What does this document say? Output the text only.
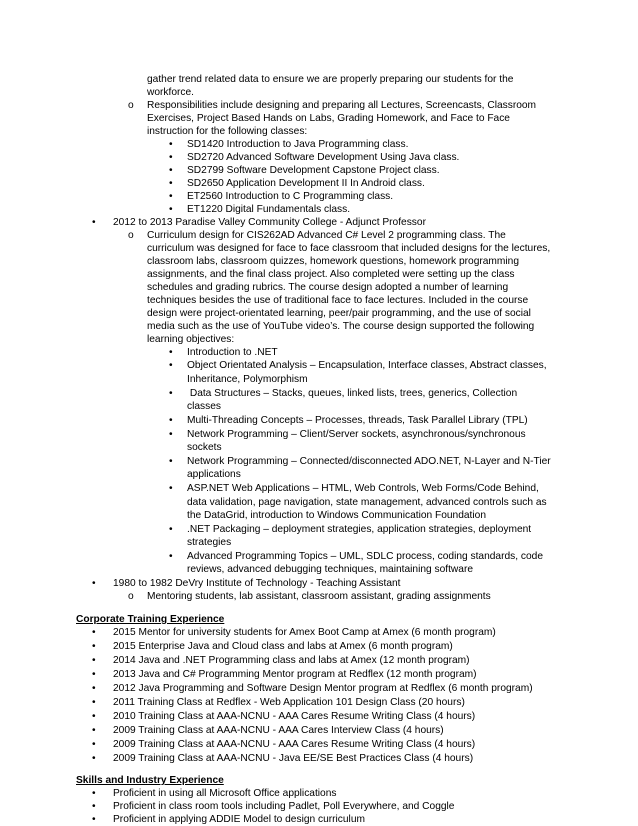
gather trend related data to ensure we are properly preparing our students for the
workforce.
o Responsibilities include designing and preparing all Lectures, Screencasts, Classroom
Exercises, Project Based Hands on Labs, Grading Homework, and Face to Face
instruction for the following classes:
• SD1420 Introduction to Java Programming class.
• SD2720 Advanced Software Development Using Java class.
• SD2799 Software Development Capstone Project class.
• SD2650 Application Development II In Android class.
• ET2560 Introduction to C Programming class.
• ET1220 Digital Fundamentals class.
• 2012 to 2013 Paradise Valley Community College - Adjunct Professor
o Curriculum design for CIS262AD Advanced C# Level 2 programming class. The
curriculum was designed for face to face classroom that included designs for the lectures,
classroom labs, classroom quizzes, homework questions, homework programming
assignments, and the final class project. Also completed were setting up the class
schedules and grading rubrics. The course design adopted a number of learning
techniques besides the use of traditional face to face lectures. Included in the course
design were project-orientated learning, peer/pair programming, and the use of social
media such as the use of YouTube video’s. The course design supported the following
learning objectives:
• Introduction to .NET
• Object Orientated Analysis – Encapsulation, Interface classes, Abstract classes,
Inheritance, Polymorphism
• Data Structures – Stacks, queues, linked lists, trees, generics, Collection
classes
• Multi-Threading Concepts – Processes, threads, Task Parallel Library (TPL)
• Network Programming – Client/Server sockets, asynchronous/synchronous
sockets
• Network Programming – Connected/disconnected ADO.NET, N-Layer and N-Tier
applications
• ASP.NET Web Applications – HTML, Web Controls, Web Forms/Code Behind,
data validation, page navigation, state management, advanced controls such as
the DataGrid, introduction to Windows Communication Foundation
• .NET Packaging – deployment strategies, application strategies, deployment
strategies
• Advanced Programming Topics – UML, SDLC process, coding standards, code
reviews, advanced debugging techniques, maintaining software
• 1980 to 1982 DeVry Institute of Technology - Teaching Assistant
o Mentoring students, lab assistant, classroom assistant, grading assignments
Corporate Training Experience
• 2015 Mentor for university students for Amex Boot Camp at Amex (6 month program)
• 2015 Enterprise Java and Cloud class and labs at Amex (6 month program)
• 2014 Java and .NET Programming class and labs at Amex (12 month program)
• 2013 Java and C# Programming Mentor program at Redflex (12 month program)
• 2012 Java Programming and Software Design Mentor program at Redflex (6 month program)
• 2011 Training Class at Redflex - Web Application 101 Design Class (20 hours)
• 2010 Training Class at AAA-NCNU - AAA Cares Resume Writing Class (4 hours)
• 2009 Training Class at AAA-NCNU - AAA Cares Interview Class (4 hours)
• 2009 Training Class at AAA-NCNU - AAA Cares Resume Writing Class (4 hours)
• 2009 Training Class at AAA-NCNU - Java EE/SE Best Practices Class (4 hours)
Skills and Industry Experience
• Proficient in using all Microsoft Office applications
• Proficient in class room tools including Padlet, Poll Everywhere, and Coggle
• Proficient in applying ADDIE Model to design curriculum
